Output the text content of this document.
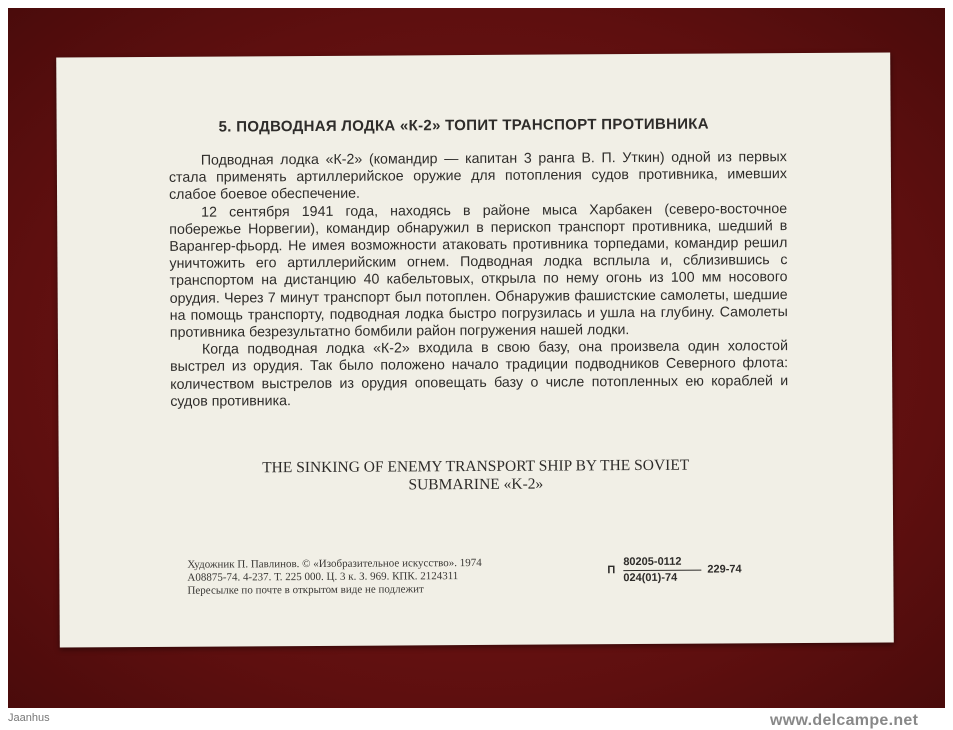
5. ПОДВОДНАЯ ЛОДКА «К-2» ТОПИТ ТРАНСПОРТ ПРОТИВНИКА

Подводная лодка «К-2» (командир — капитан 3 ранга В. П. Уткин) одной из первых стала применять артиллерийское оружие для потопления судов противника, имевших слабое боевое обеспечение.

12 сентября 1941 года, находясь в районе мыса Харбакен (северо-восточное побережье Норвегии), командир обнаружил в перископ транспорт противника, шедший в Варангер-фьорд. Не имея возможности атаковать противника торпедами, командир решил уничтожить его артиллерийским огнем. Подводная лодка всплыла и, сблизившись с транспортом на дистанцию 40 кабельтовых, открыла по нему огонь из 100 мм носового орудия. Через 7 минут транспорт был потоплен. Обнаружив фашистские самолеты, шедшие на помощь транспорту, подводная лодка быстро погрузилась и ушла на глубину. Самолеты противника безрезультатно бомбили район погружения нашей лодки.

Когда подводная лодка «К-2» входила в свою базу, она произвела один холостой выстрел из орудия. Так было положено начало традиции подводников Северного флота: количеством выстрелов из орудия оповещать базу о числе потопленных ею кораблей и судов противника.

THE SINKING OF ENEMY TRANSPORT SHIP BY THE SOVIET
SUBMARINE «K-2»
Художник П. Павлинов. © «Изобразительное искусство». 1974
А08875-74. 4-237. Т. 225 000. Ц. 3 к. З. 969. КПК. 2124311
Пересылке по почте в открытом виде не подлежит
П
80205-0112
024(01)-74
229-74
Jaanhus	www.delcampe.net
